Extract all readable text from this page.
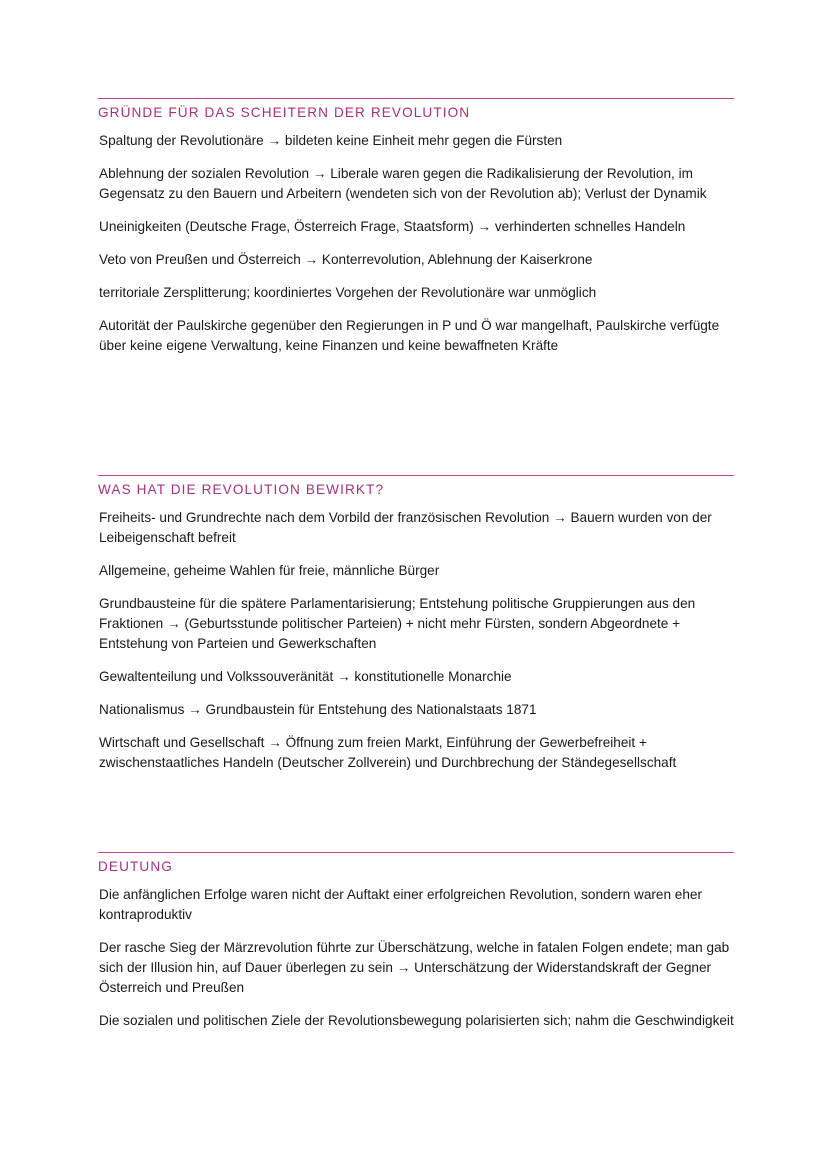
GRÜNDE FÜR DAS SCHEITERN DER REVOLUTION

Spaltung der Revolutionäre → bildeten keine Einheit mehr gegen die Fürsten

Ablehnung der sozialen Revolution → Liberale waren gegen die Radikalisierung der Revolution, im Gegensatz zu den Bauern und Arbeitern (wendeten sich von der Revolution ab); Verlust der Dynamik

Uneinigkeiten (Deutsche Frage, Österreich Frage, Staatsform) → verhinderten schnelles Handeln

Veto von Preußen und Österreich → Konterrevolution, Ablehnung der Kaiserkrone

territoriale Zersplitterung; koordiniertes Vorgehen der Revolutionäre war unmöglich

Autorität der Paulskirche gegenüber den Regierungen in P und Ö war mangelhaft, Paulskirche verfügte über keine eigene Verwaltung, keine Finanzen und keine bewaffneten Kräfte

WAS HAT DIE REVOLUTION BEWIRKT?

Freiheits- und Grundrechte nach dem Vorbild der französischen Revolution → Bauern wurden von der Leibeigenschaft befreit

Allgemeine, geheime Wahlen für freie, männliche Bürger

Grundbausteine für die spätere Parlamentarisierung; Entstehung politische Gruppierungen aus den Fraktionen → (Geburtsstunde politischer Parteien) + nicht mehr Fürsten, sondern Abgeordnete + Entstehung von Parteien und Gewerkschaften

Gewaltenteilung und Volkssouveränität → konstitutionelle Monarchie

Nationalismus → Grundbaustein für Entstehung des Nationalstaats 1871

Wirtschaft und Gesellschaft → Öffnung zum freien Markt, Einführung der Gewerbefreiheit + zwischenstaatliches Handeln (Deutscher Zollverein) und Durchbrechung der Ständegesellschaft

DEUTUNG

Die anfänglichen Erfolge waren nicht der Auftakt einer erfolgreichen Revolution, sondern waren eher kontraproduktiv

Der rasche Sieg der Märzrevolution führte zur Überschätzung, welche in fatalen Folgen endete; man gab sich der Illusion hin, auf Dauer überlegen zu sein → Unterschätzung der Widerstandskraft der Gegner Österreich und Preußen

Die sozialen und politischen Ziele der Revolutionsbewegung polarisierten sich; nahm die Geschwindigkeit
